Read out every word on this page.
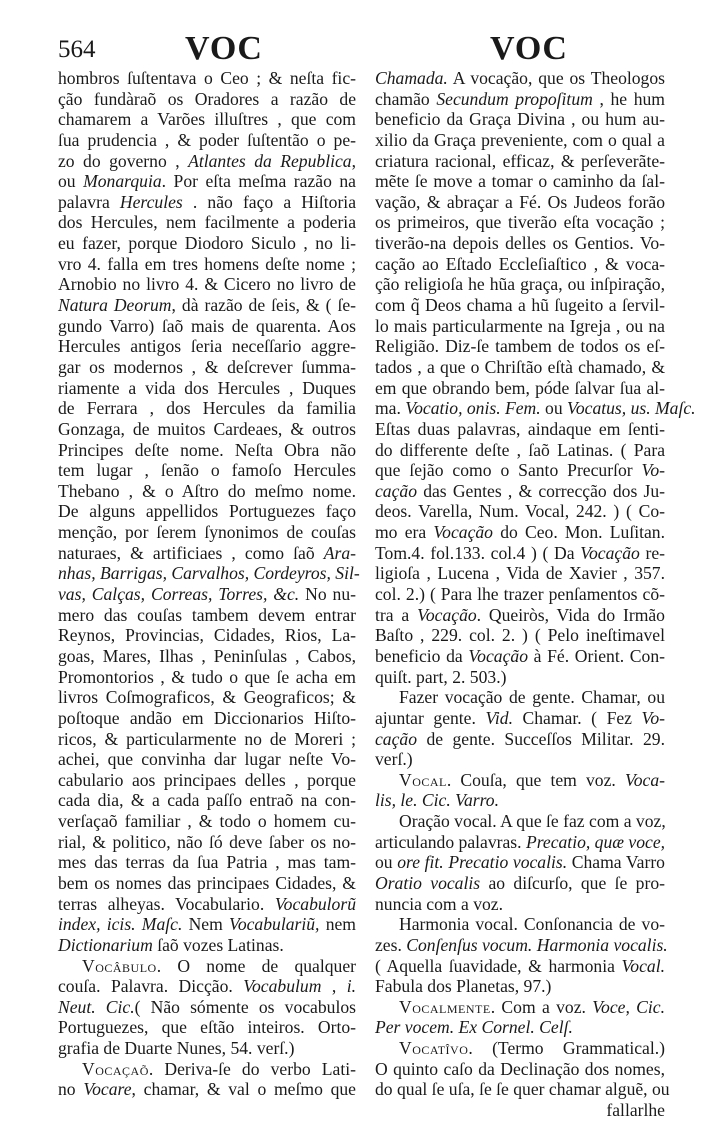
564	VOC	VOC
hombros ſuſtentava o Ceo ; & neſta fic-
ção fundàraõ os Oradores a razão de
chamarem a Varões illuſtres , que com
ſua prudencia , & poder ſuſtentão o pe-
zo do governo , Atlantes da Republica,
ou Monarquia. Por eſta meſma razão na
palavra Hercules . não faço a Hiſtoria
dos Hercules, nem facilmente a poderia
eu fazer, porque Diodoro Siculo , no li-
vro 4. falla em tres homens deſte nome ;
Arnobio no livro 4. & Cicero no livro de
Natura Deorum, dà razão de ſeis, & ( ſe-
gundo Varro) ſaõ mais de quarenta. Aos
Hercules antigos ſeria neceſſario aggre-
gar os modernos , & deſcrever ſumma-
riamente a vida dos Hercules , Duques
de Ferrara , dos Hercules da familia
Gonzaga, de muitos Cardeaes, & outros
Principes deſte nome. Neſta Obra não
tem lugar , ſenão o famoſo Hercules
Thebano , & o Aſtro do meſmo nome.
De alguns appellidos Portuguezes faço
menção, por ſerem ſynonimos de couſas
naturaes, & artificiaes , como ſaõ Ara-
nhas, Barrigas, Carvalhos, Cordeyros, Sil-
vas, Calças, Correas, Torres, &c. No nu-
mero das couſas tambem devem entrar
Reynos, Provincias, Cidades, Rios, La-
goas, Mares, Ilhas , Peninſulas , Cabos,
Promontorios , & tudo o que ſe acha em
livros Coſmograficos, & Geograficos; &
poſtoque andão em Diccionarios Hiſto-
ricos, & particularmente no de Moreri ;
achei, que convinha dar lugar neſte Vo-
cabulario aos principaes delles , porque
cada dia, & a cada paſſo entraõ na con-
verſaçaõ familiar , & todo o homem cu-
rial, & politico, não ſó deve ſaber os no-
mes das terras da ſua Patria , mas tam-
bem os nomes das principaes Cidades, &
terras alheyas. Vocabulario. Vocabulorũ
index, icis. Maſc. Nem Vocabulariũ, nem
Dictionarium ſaõ vozes Latinas.
Vocâbulo. O nome de qualquer
couſa. Palavra. Dicção. Vocabulum , i.
Neut. Cic.( Não sómente os vocabulos
Portuguezes, que eſtão inteiros. Orto-
grafia de Duarte Nunes, 54. verſ.)
Vocaçaõ. Deriva-ſe do verbo Lati-
no Vocare, chamar, & val o meſmo que
Chamada. A vocação, que os Theologos
chamão Secundum propoſitum , he hum
beneficio da Graça Divina , ou hum au-
xilio da Graça preveniente, com o qual a
criatura racional, efficaz, & perſeverãte-
mẽte ſe move a tomar o caminho da ſal-
vação, & abraçar a Fé. Os Judeos forão
os primeiros, que tiverão eſta vocação ;
tiverão-na depois delles os Gentios. Vo-
cação ao Eſtado Eccleſiaſtico , & voca-
ção religioſa he hũa graça, ou inſpiração,
com q̃ Deos chama a hũ ſugeito a ſervil-
lo mais particularmente na Igreja , ou na
Religião. Diz-ſe tambem de todos os eſ-
tados , a que o Chriſtão eſtà chamado, &
em que obrando bem, póde ſalvar ſua al-
ma. Vocatio, onis. Fem. ou Vocatus, us. Maſc.
Eſtas duas palavras, aindaque em ſenti-
do differente deſte , ſaõ Latinas. ( Para
que ſejão como o Santo Precurſor Vo-
cação das Gentes , & correcção dos Ju-
deos. Varella, Num. Vocal, 242. ) ( Co-
mo era Vocação do Ceo. Mon. Luſitan.
Tom.4. fol.133. col.4 ) ( Da Vocação re-
ligioſa , Lucena , Vida de Xavier , 357.
col. 2.) ( Para lhe trazer penſamentos cõ-
tra a Vocação. Queiròs, Vida do Irmão
Baſto , 229. col. 2. ) ( Pelo ineſtimavel
beneficio da Vocação à Fé. Orient. Con-
quiſt. part, 2. 503.)
Fazer vocação de gente. Chamar, ou
ajuntar gente. Vid. Chamar. ( Fez Vo-
cação de gente. Succeſſos Militar. 29.
verſ.)
Vocal. Couſa, que tem voz. Voca-
lis, le. Cic. Varro.
Oração vocal. A que ſe faz com a voz,
articulando palavras. Precatio, quæ voce,
ou ore fit. Precatio vocalis. Chama Varro
Oratio vocalis ao diſcurſo, que ſe pro-
nuncia com a voz.
Harmonia vocal. Conſonancia de vo-
zes. Conſenſus vocum. Harmonia vocalis.
( Aquella ſuavidade, & harmonia Vocal.
Fabula dos Planetas, 97.)
Vocalmente. Com a voz. Voce, Cic.
Per vocem. Ex Cornel. Celſ.
Vocatîvo. (Termo Grammatical.)
O quinto caſo da Declinação dos nomes,
do qual ſe uſa, ſe ſe quer chamar alguẽ, ou
fallarlhe
